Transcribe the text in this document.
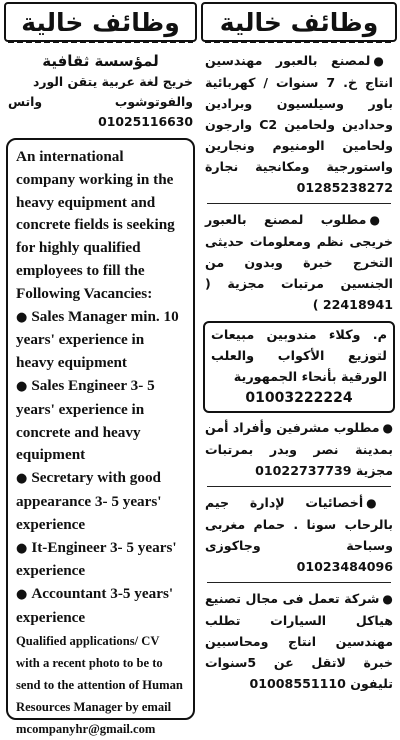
وظائف خالية
لمؤسسة ثقافية
خريج لغة عربية يتقن الورد
والفوتوشوب واتس 01025116630
An international company working in the heavy equipment and concrete fields is seeking for highly qualified employees to fill the Following Vacancies:
● Sales Manager min. 10 years' experience in heavy equipment
● Sales Engineer 3- 5 years' experience in concrete and heavy equipment
● Secretary with good appearance 3- 5 years' experience
● It-Engineer 3- 5 years' experience
● Accountant 3-5 years' experience
Qualified applications/ CV with a recent photo to be to send to the attention of Human Resources Manager by email mcompanyhr@gmail.com
وظائف خالية
●لمصنع بالعبور مهندسين انتاج خ. 7 سنوات / كهربائية باور وسيلسيون وبرادين وحدادين ولحامين C2 وارجون ولحامين الومنيوم ونجارين واستورجية ومكانجية نجارة 01285238272
●مطلوب لمصنع بالعبور خريجى نظم ومعلومات حديثى التخرج خبرة وبدون من الجنسين مرتبات مجزية ( 22418941 )
م. وكلاء مندوبين مبيعات لتوزيع الأكواب والعلب الورقية بأنحاء الجمهورية
01003222224
●مطلوب مشرفين وأفراد أمن بمدينة نصر وبدر بمرتبات مجزية 01022737739
●أخصائيات لإدارة جيم بالرحاب سونا . حمام مغربى وسباحة وجاكوزى 01023484096
●شركة تعمل فى مجال تصنيع هياكل السيارات تطلب مهندسين انتاج ومحاسبين خبرة لاتقل عن 5سنوات تليفون 01008551110
